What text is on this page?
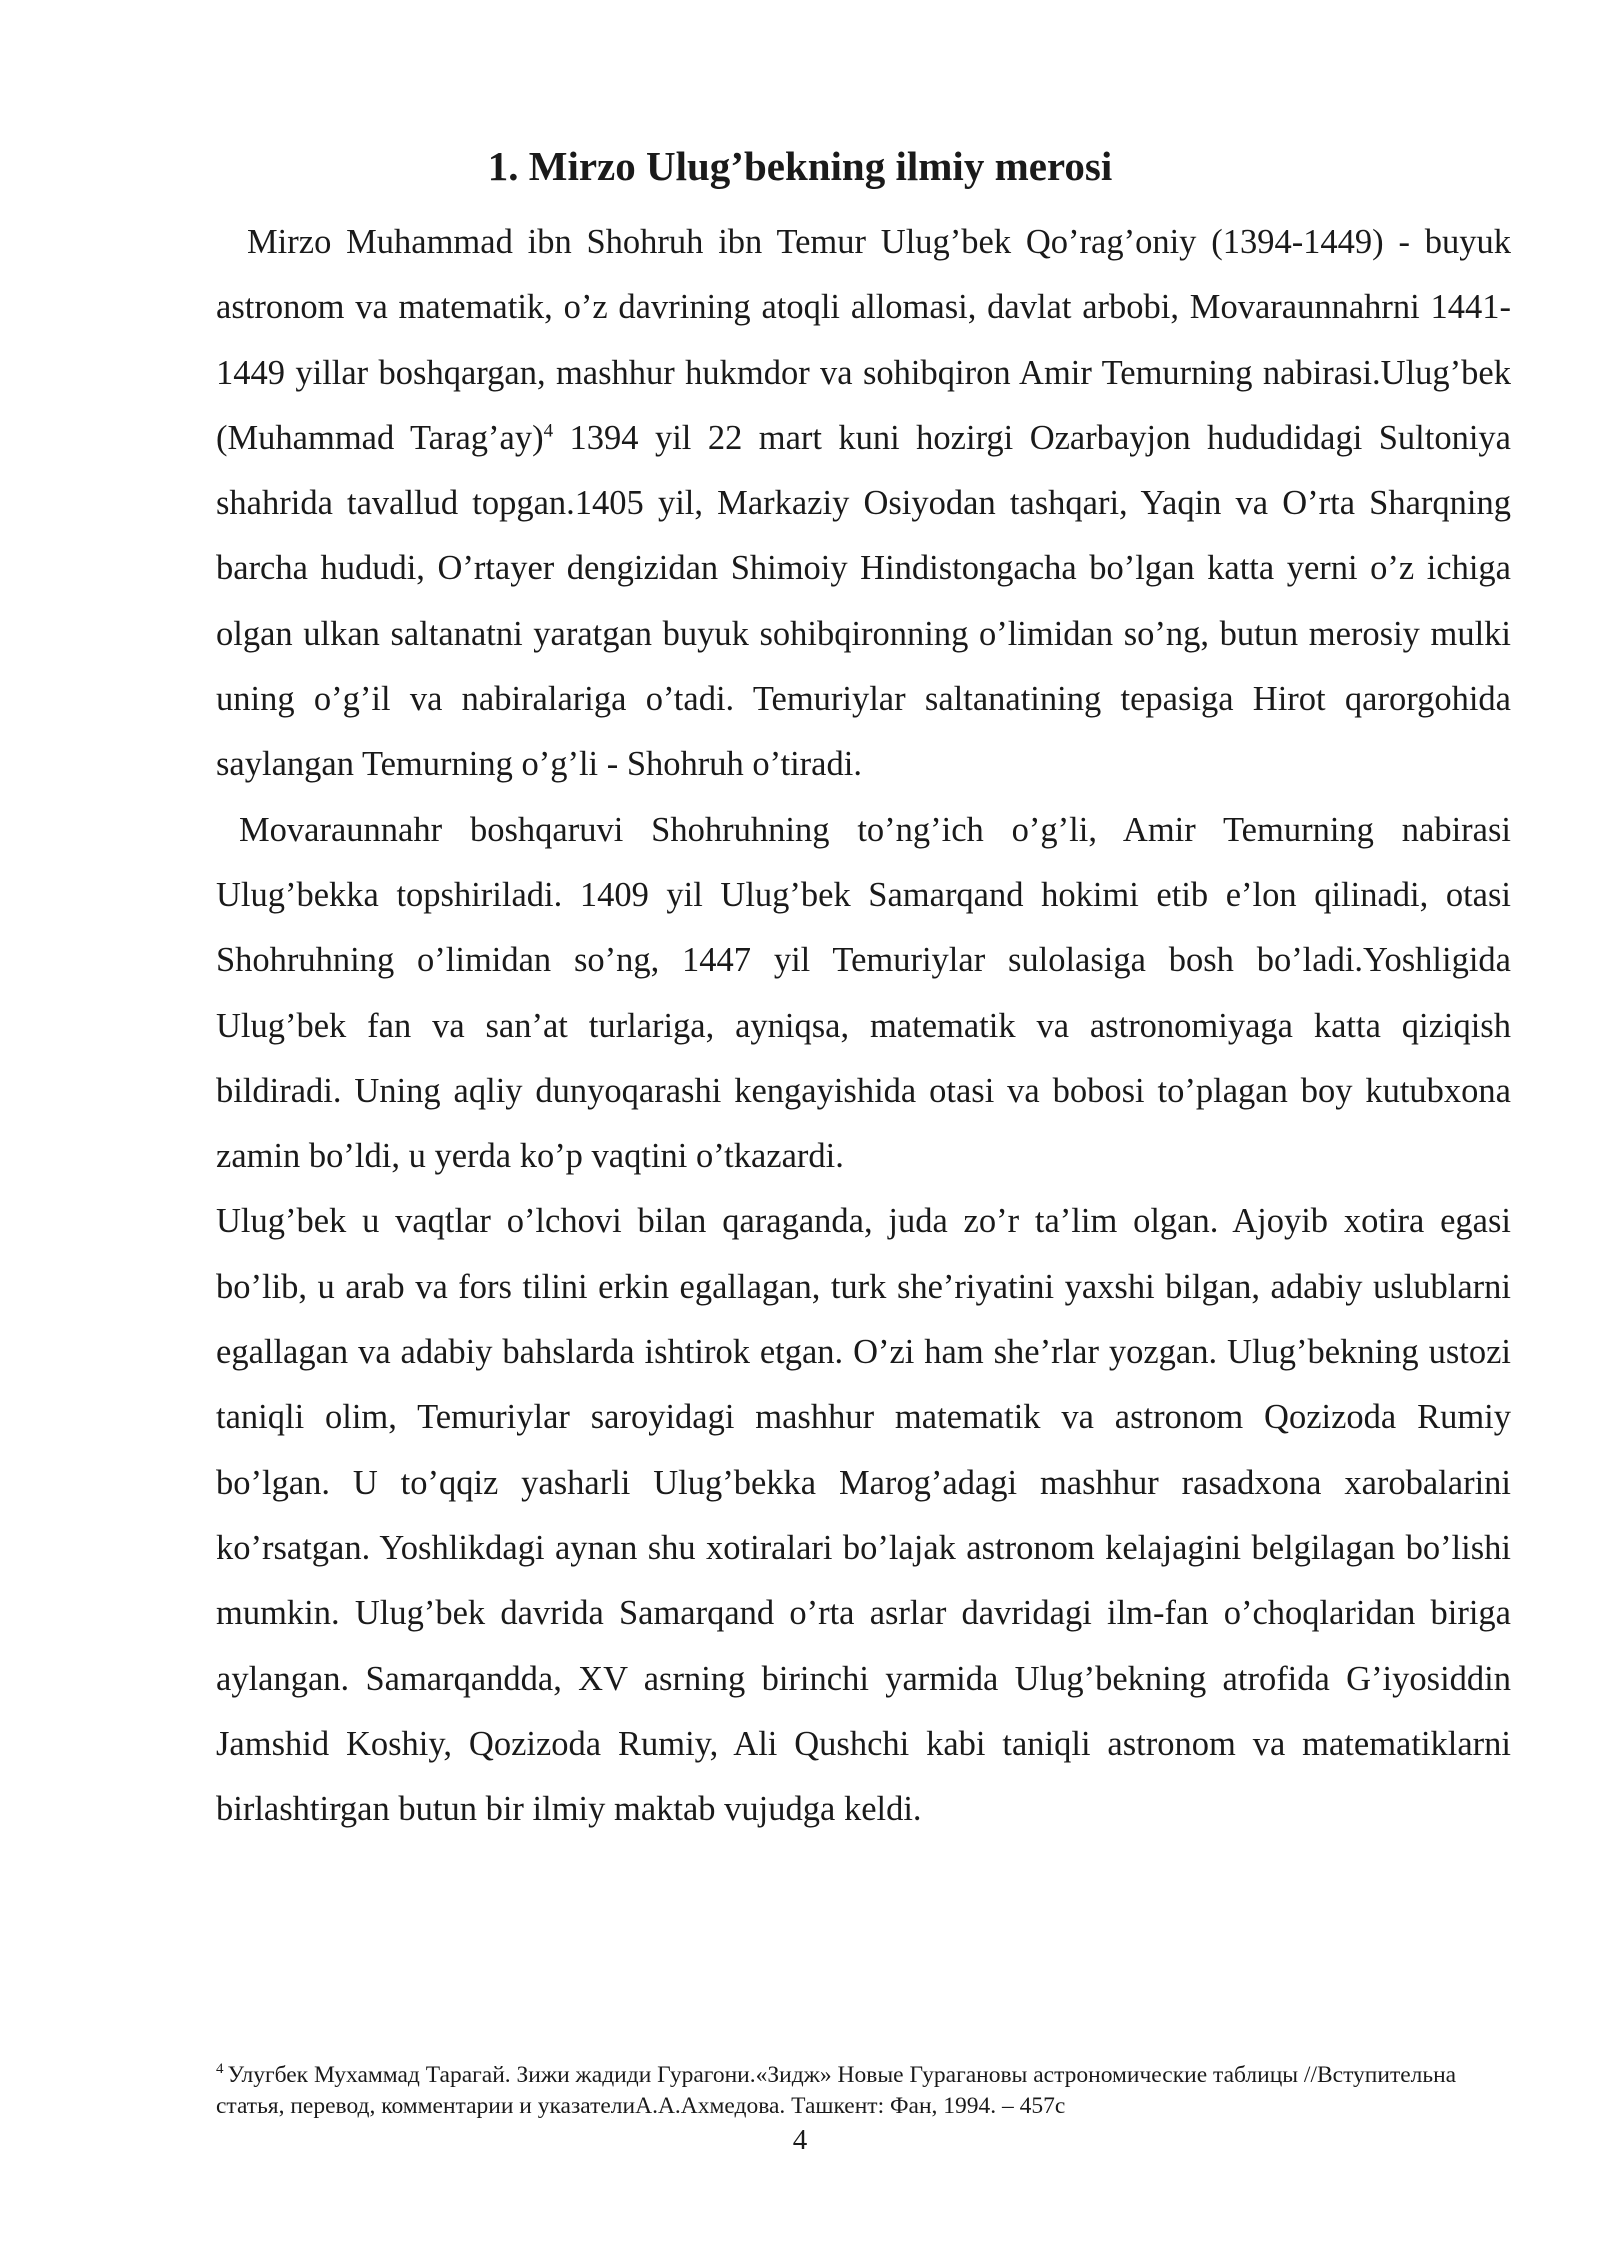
1. Mirzo Ulug’bekning ilmiy merosi

Mirzo Muhammad ibn Shohruh ibn Temur Ulug’bek Qo’rag’oniy (1394-1449) - buyuk astronom va matematik, o’z davrining atoqli allomasi, davlat arbobi, Movaraunnahrni 1441-1449 yillar boshqargan, mashhur hukmdor va sohibqiron Amir Temurning nabirasi.Ulug’bek (Muhammad Tarag’ay)$^4$ 1394 yil 22 mart kuni hozirgi Ozarbayjon hududidagi Sultoniya shahrida tavallud topgan.1405 yil, Markaziy Osiyodan tashqari, Yaqin va O’rta Sharqning barcha hududi, O’rtayer dengizidan Shimoiy Hindistongacha bo’lgan katta yerni o’z ichiga olgan ulkan saltanatni yaratgan buyuk sohibqironning o’limidan so’ng, butun merosiy mulki uning o’g’il va nabiralariga o’tadi. Temuriylar saltanatining tepasiga Hirot qarorgohida saylangan Temurning o’g’li - Shohruh o’tiradi.

Movaraunnahr boshqaruvi Shohruhning to’ng’ich o’g’li, Amir Temurning nabirasi Ulug’bekka topshiriladi. 1409 yil Ulug’bek Samarqand hokimi etib e’lon qilinadi, otasi Shohruhning o’limidan so’ng, 1447 yil Temuriylar sulolasiga bosh bo’ladi.Yoshligida Ulug’bek fan va san’at turlariga, ayniqsa, matematik va astronomiyaga katta qiziqish bildiradi. Uning aqliy dunyoqarashi kengayishida otasi va bobosi to’plagan boy kutubxona zamin bo’ldi, u yerda ko’p vaqtini o’tkazardi.

Ulug’bek u vaqtlar o’lchovi bilan qaraganda, juda zo’r ta’lim olgan. Ajoyib xotira egasi bo’lib, u arab va fors tilini erkin egallagan, turk she’riyatini yaxshi bilgan, adabiy uslublarni egallagan va adabiy bahslarda ishtirok etgan. O’zi ham she’rlar yozgan. Ulug’bekning ustozi taniqli olim, Temuriylar saroyidagi mashhur matematik va astronom Qozizoda Rumiy bo’lgan. U to’qqiz yasharli Ulug’bekka Marog’adagi mashhur rasadxona xarobalarini ko’rsatgan. Yoshlikdagi aynan shu xotiralari bo’lajak astronom kelajagini belgilagan bo’lishi mumkin. Ulug’bek davrida Samarqand o’rta asrlar davridagi ilm-fan o’choqlaridan biriga aylangan. Samarqandda, XV asrning birinchi yarmida Ulug’bekning atrofida G’iyosiddin Jamshid Koshiy, Qozizoda Rumiy, Ali Qushchi kabi taniqli astronom va matematiklarni birlashtirgan butun bir ilmiy maktab vujudga keldi.

$^4$ Улугбек Мухаммад Тарагай. Зижи жадиди Гурагони.«Зидж» Новые Гурагановы астрономические таблицы //Вступительна статья, перевод, комментарии и указателиА.А.Ахмедова. Ташкент: Фан, 1994. – 457с

4
